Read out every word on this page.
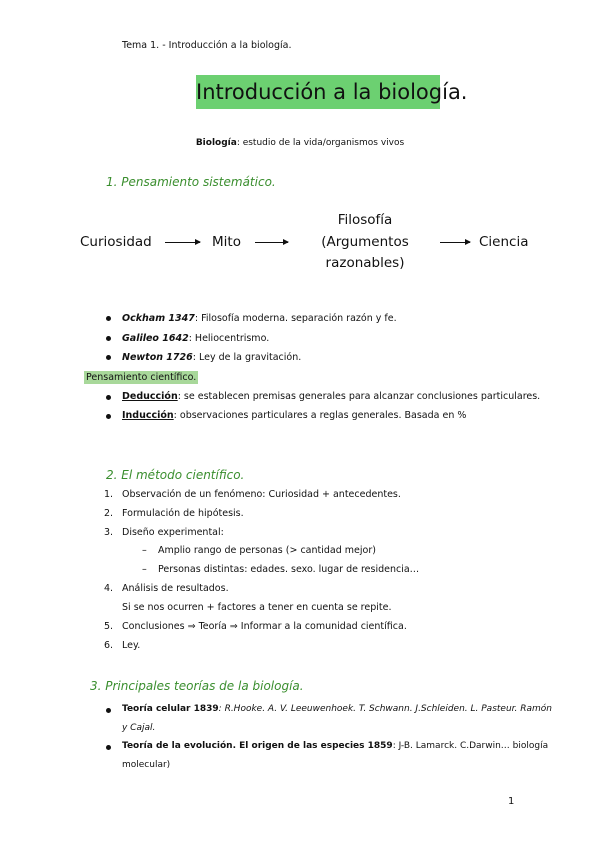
Tema 1. - Introducción a la biología.
Introducción a la biología.
Biología: estudio de la vida/organismos vivos
1. Pensamiento sistemático.
Curiosidad	Mito
Filosofía
(Argumentos
razonables)
Ciencia
Ockham 1347: Filosofía moderna. separación razón y fe.
Galileo 1642: Heliocentrismo.
Newton 1726: Ley de la gravitación.
Pensamiento científico.
Deducción: se establecen premisas generales para alcanzar conclusiones particulares.
Inducción: observaciones particulares a reglas generales. Basada en %
2. El método científico.
1. Observación de un fenómeno: Curiosidad + antecedentes.
2. Formulación de hipótesis.
3. Diseño experimental:
– Amplio rango de personas (> cantidad mejor)
– Personas distintas: edades. sexo. lugar de residencia…
4. Análisis de resultados.
Si se nos ocurren + factores a tener en cuenta se repite.
5. Conclusiones ⇒ Teoría ⇒ Informar a la comunidad científica.
6. Ley.
3. Principales teorías de la biología.
Teoría celular 1839: R.Hooke. A. V. Leeuwenhoek. T. Schwann. J.Schleiden. L. Pasteur. Ramón
y Cajal.
Teoría de la evolución. El origen de las especies 1859: J-B. Lamarck. C.Darwin… biología
molecular)
1
